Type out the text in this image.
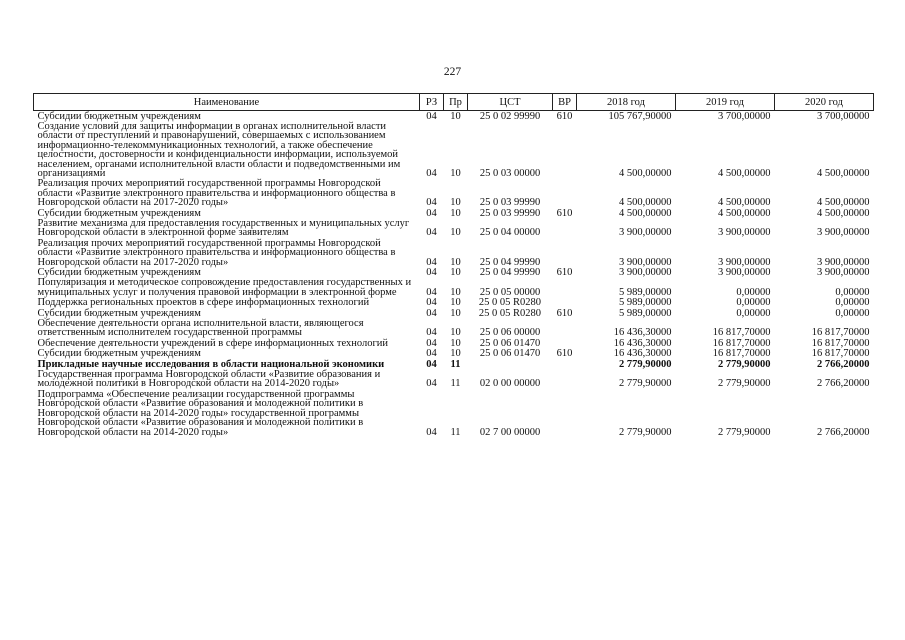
227
Наименование	РЗ	Пр	ЦСТ	ВР	2018 год	2019 год	2020 год
Субсидии бюджетным учреждениям	04	10	25 0 02 99990	610	105 767,90000	3 700,00000	3 700,00000
Создание условий для защиты информации в органах исполнительной власти области от преступлений и правонарушений, совершаемых с использованием информационно-телекоммуникационных технологий, а также обеспечение целостности, достоверности и конфиденциальности информации, используемой населением, органами исполнительной власти области и подведомственными им организациями	04	10	25 0 03 00000		4 500,00000	4 500,00000	4 500,00000
Реализация прочих мероприятий государственной программы Новгородской области «Развитие электронного правительства и информационного общества в Новгородской области на 2017-2020 годы»	04	10	25 0 03 99990		4 500,00000	4 500,00000	4 500,00000
Субсидии бюджетным учреждениям	04	10	25 0 03 99990	610	4 500,00000	4 500,00000	4 500,00000
Развитие механизма для предоставления государственных и муниципальных услуг Новгородской области в электронной форме заявителям	04	10	25 0 04 00000		3 900,00000	3 900,00000	3 900,00000
Реализация прочих мероприятий государственной программы Новгородской области «Развитие электронного правительства и информационного общества в Новгородской области на 2017-2020 годы»	04	10	25 0 04 99990		3 900,00000	3 900,00000	3 900,00000
Субсидии бюджетным учреждениям	04	10	25 0 04 99990	610	3 900,00000	3 900,00000	3 900,00000
Популяризация и методическое сопровождение предоставления государственных и муниципальных услуг и получения правовой информации в электронной форме	04	10	25 0 05 00000		5 989,00000	0,00000	0,00000
Поддержка региональных проектов в сфере информационных технологий	04	10	25 0 05 R0280		5 989,00000	0,00000	0,00000
Субсидии бюджетным учреждениям	04	10	25 0 05 R0280	610	5 989,00000	0,00000	0,00000
Обеспечение деятельности органа исполнительной власти, являющегося ответственным исполнителем государственной программы	04	10	25 0 06 00000		16 436,30000	16 817,70000	16 817,70000
Обеспечение деятельности учреждений в сфере информационных технологий	04	10	25 0 06 01470		16 436,30000	16 817,70000	16 817,70000
Субсидии бюджетным учреждениям	04	10	25 0 06 01470	610	16 436,30000	16 817,70000	16 817,70000
Прикладные научные исследования в области национальной экономики	04	11			2 779,90000	2 779,90000	2 766,20000
Государственная программа Новгородской области «Развитие образования и молодежной политики в Новгородской области на 2014-2020 годы»	04	11	02 0 00 00000		2 779,90000	2 779,90000	2 766,20000
Подпрограмма «Обеспечение реализации государственной программы Новгородской области «Развитие образования и молодежной политики в Новгородской области на 2014-2020 годы» государственной программы Новгородской области «Развитие образования и молодежной политики в Новгородской области на 2014-2020 годы»	04	11	02 7 00 00000		2 779,90000	2 779,90000	2 766,20000
